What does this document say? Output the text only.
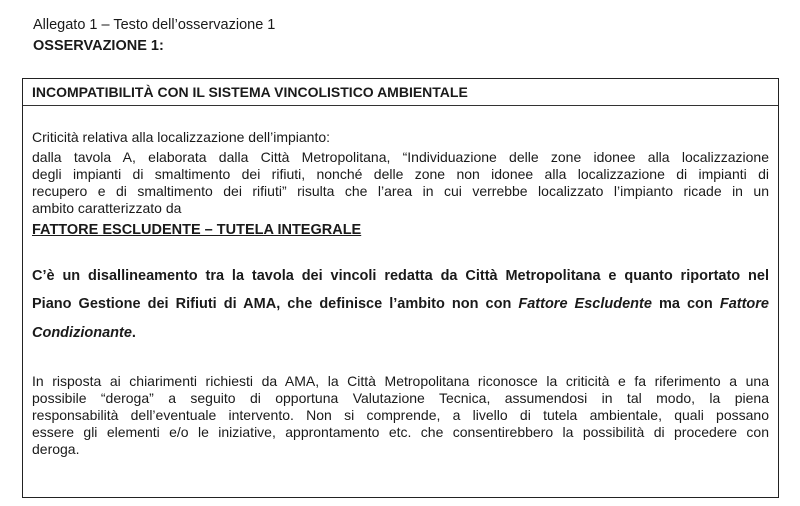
Allegato 1 – Testo dell’osservazione 1
OSSERVAZIONE 1:
INCOMPATIBILITÀ CON IL SISTEMA VINCOLISTICO AMBIENTALE
Criticità relativa alla localizzazione dell’impianto:
dalla tavola A, elaborata dalla Città Metropolitana, “Individuazione delle zone idonee alla localizzazione
degli impianti di smaltimento dei rifiuti, nonché delle zone non idonee alla localizzazione di impianti di
recupero e di smaltimento dei rifiuti” risulta che l’area in cui verrebbe localizzato l’impianto ricade in un
ambito caratterizzato da
FATTORE ESCLUDENTE – TUTELA INTEGRALE
C’è un disallineamento tra la tavola dei vincoli redatta da Città Metropolitana e quanto riportato nel
Piano Gestione dei Rifiuti di AMA, che definisce l’ambito non con Fattore Escludente ma con Fattore
Condizionante.
In risposta ai chiarimenti richiesti da AMA, la Città Metropolitana riconosce la criticità e fa riferimento a una
possibile “deroga” a seguito di opportuna Valutazione Tecnica, assumendosi in tal modo, la piena
responsabilità dell’eventuale intervento. Non si comprende, a livello di tutela ambientale, quali possano
essere gli elementi e/o le iniziative, approntamento etc. che consentirebbero la possibilità di procedere con
deroga.
